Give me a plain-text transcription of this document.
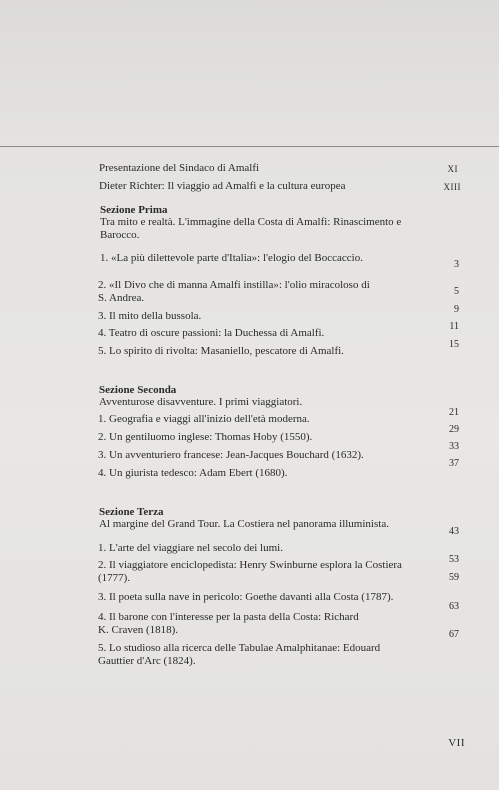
Presentazione del Sindaco di Amalfi	XI
Dieter Richter: Il viaggio ad Amalfi e la cultura europea	XIII
Sezione Prima
Tra mito e realtà. L'immagine della Costa di Amalfi: Rinascimento e
Barocco.
1. «La più dilettevole parte d'Italia»: l'elogio del Boccaccio.
3
2. «Il Divo che di manna Amalfi instilla»: l'olio miracoloso di
S. Andrea.
5
3. Il mito della bussola.
9
4. Teatro di oscure passioni: la Duchessa di Amalfi.
11
5. Lo spirito di rivolta: Masaniello, pescatore di Amalfi.
15
Sezione Seconda
Avventurose disavventure. I primi viaggiatori.
1. Geografia e viaggi all'inizio dell'età moderna.
21
2. Un gentiluomo inglese: Thomas Hoby (1550).
29
3. Un avventuriero francese: Jean-Jacques Bouchard (1632).
33
4. Un giurista tedesco: Adam Ebert (1680).
37
Sezione Terza
Al margine del Grand Tour. La Costiera nel panorama illuminista.
1. L'arte del viaggiare nel secolo dei lumi.
43
2. Il viaggiatore enciclopedista: Henry Swinburne esplora la Costiera
(1777).
53
3. Il poeta sulla nave in pericolo: Goethe davanti alla Costa (1787).
59
4. Il barone con l'interesse per la pasta della Costa: Richard
K. Craven (1818).
63
5. Lo studioso alla ricerca delle Tabulae Amalphitanae: Edouard
Gauttier d'Arc (1824).
67
VII
